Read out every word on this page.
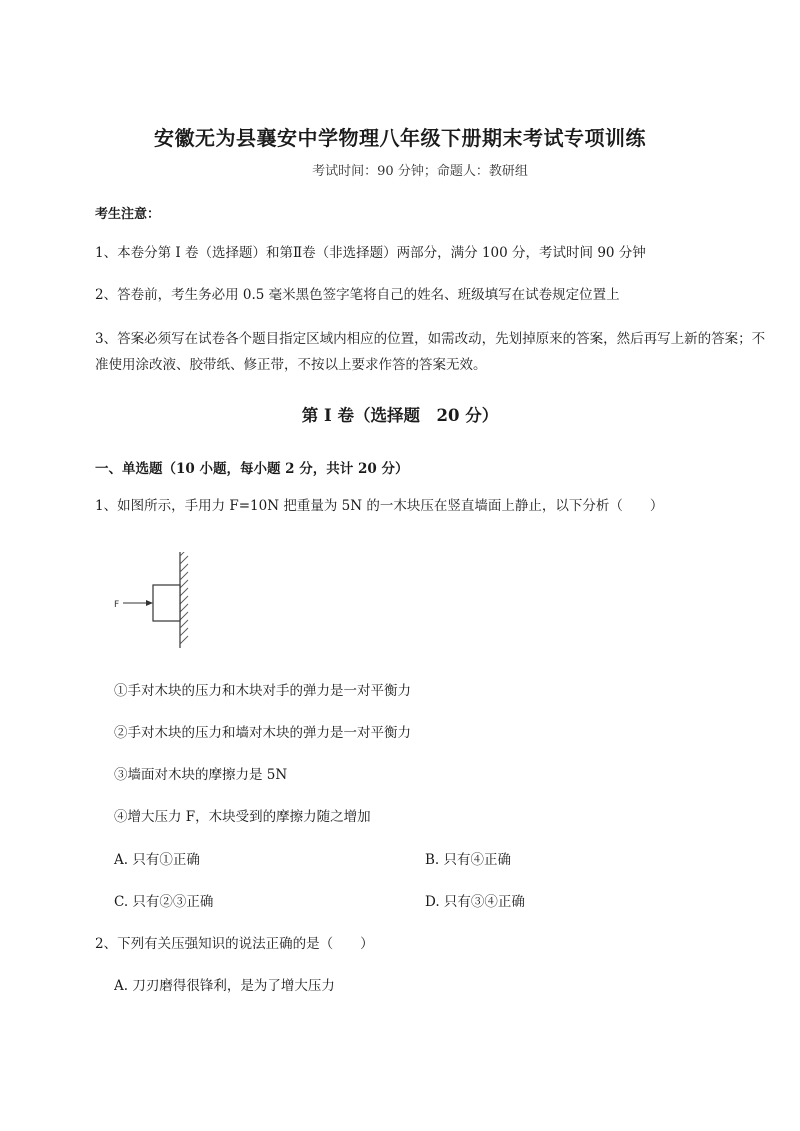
安徽无为县襄安中学物理八年级下册期末考试专项训练
考试时间：90 分钟；命题人：教研组
考生注意：
1、本卷分第 I 卷（选择题）和第Ⅱ卷（非选择题）两部分，满分 100 分，考试时间 90 分钟
2、答卷前，考生务必用 0.5 毫米黑色签字笔将自己的姓名、班级填写在试卷规定位置上
3、答案必须写在试卷各个题目指定区域内相应的位置，如需改动，先划掉原来的答案，然后再写上新的答案；不准使用涂改液、胶带纸、修正带，不按以上要求作答的答案无效。
第 I 卷（选择题　20 分）
一、单选题（10 小题，每小题 2 分，共计 20 分）
1、如图所示，手用力 F=10N 把重量为 5N 的一木块压在竖直墙面上静止，以下分析（　　）
F
①手对木块的压力和木块对手的弹力是一对平衡力
②手对木块的压力和墙对木块的弹力是一对平衡力
③墙面对木块的摩擦力是 5N
④增大压力 F，木块受到的摩擦力随之增加
A. 只有①正确	B. 只有④正确
C. 只有②③正确	D. 只有③④正确
2、下列有关压强知识的说法正确的是（　　）
A. 刀刃磨得很锋利，是为了增大压力
